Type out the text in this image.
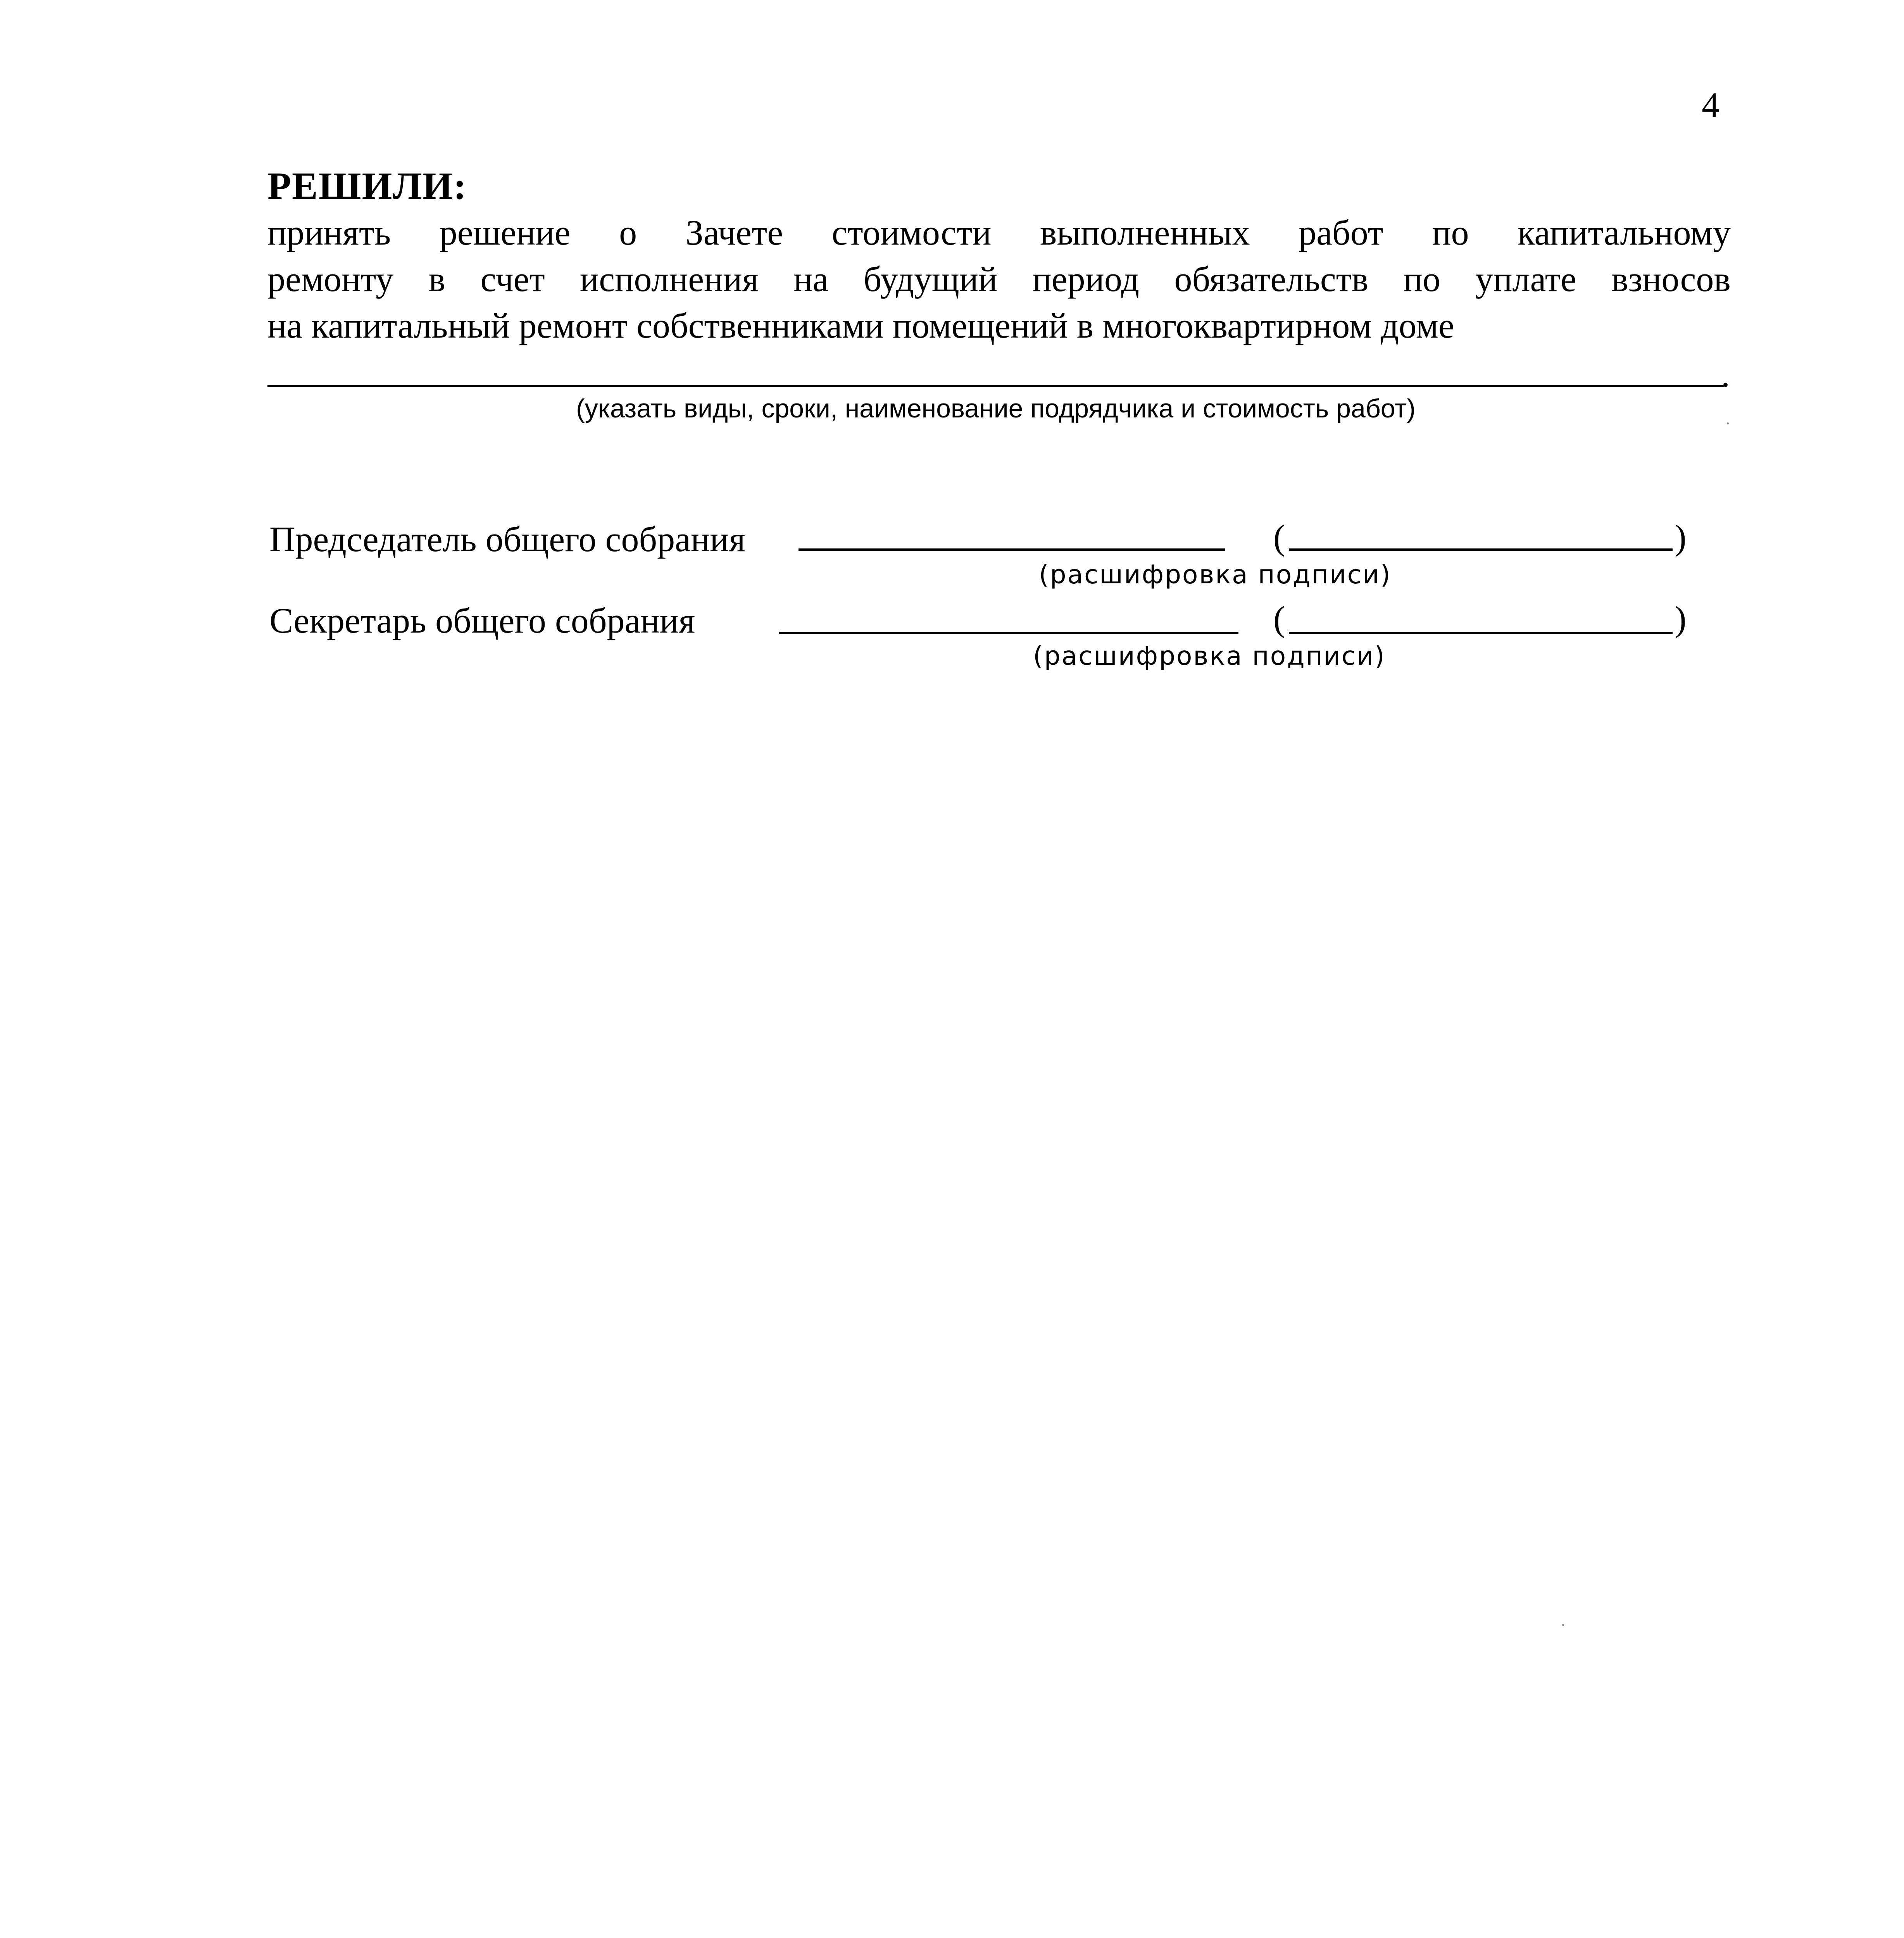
4
РЕШИЛИ:
принять решение о Зачете стоимости выполненных работ по капитальному
ремонту в счет исполнения на будущий период обязательств по уплате взносов
на капитальный ремонт собственниками помещений в многоквартирном доме
.
(указать виды, сроки, наименование подрядчика и стоимость работ)
Председатель общего собрания	(	)
(расшифровка подписи)
Секретарь общего собрания	(	)
(расшифровка подписи)
